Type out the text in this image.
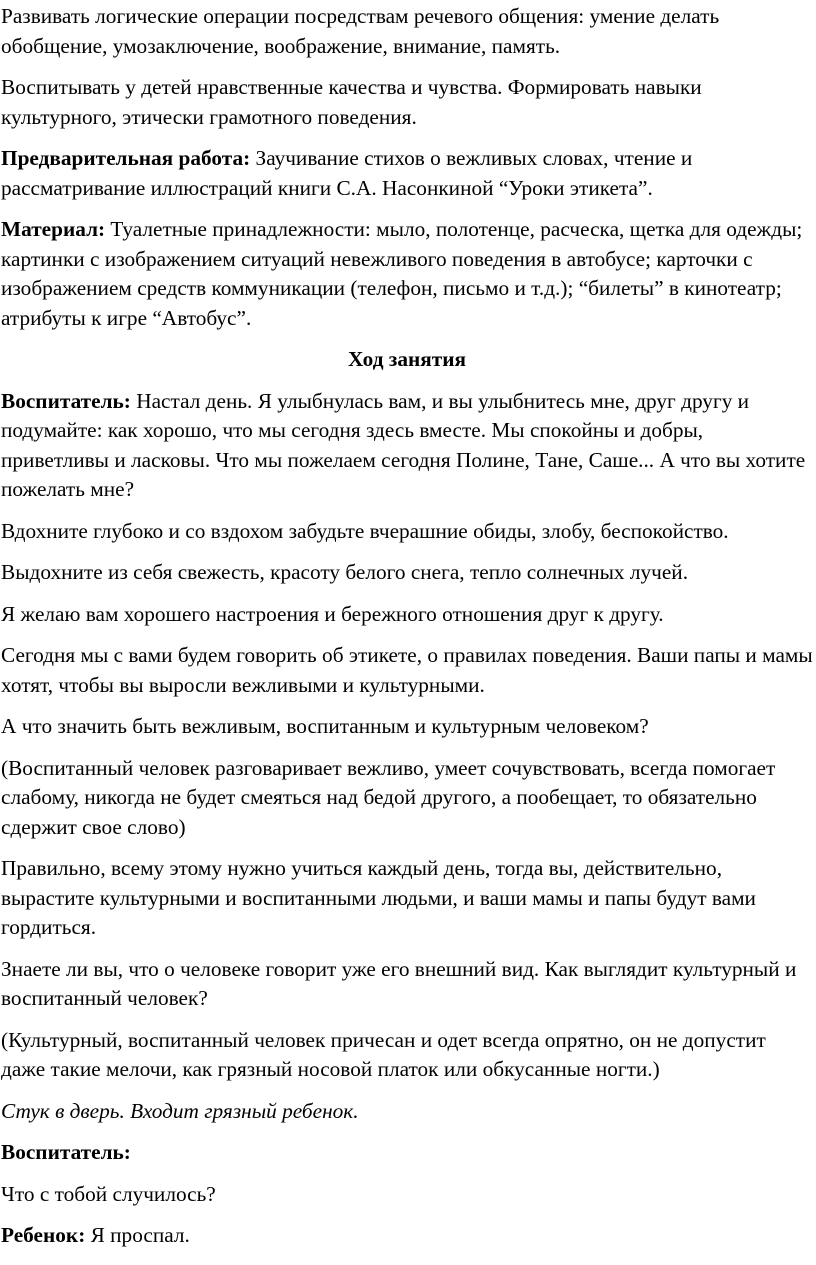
Развивать логические операции посредствам речевого общения: умение делать обобщение, умозаключение, воображение, внимание, память.

Воспитывать у детей нравственные качества и чувства. Формировать навыки культурного, этически грамотного поведения.

Предварительная работа: Заучивание стихов о вежливых словах, чтение и рассматривание иллюстраций книги С.А. Насонкиной “Уроки этикета”.

Материал: Туалетные принадлежности: мыло, полотенце, расческа, щетка для одежды; картинки с изображением ситуаций невежливого поведения в автобусе; карточки с изображением средств коммуникации (телефон, письмо и т.д.); “билеты” в кинотеатр; атрибуты к игре “Автобус”.

Ход занятия

Воспитатель: Настал день. Я улыбнулась вам, и вы улыбнитесь мне, друг другу и подумайте: как хорошо, что мы сегодня здесь вместе. Мы спокойны и добры, приветливы и ласковы. Что мы пожелаем сегодня Полине, Тане, Саше... А что вы хотите пожелать мне?

Вдохните глубоко и со вздохом забудьте вчерашние обиды, злобу, беспокойство.

Выдохните из себя свежесть, красоту белого снега, тепло солнечных лучей.

Я желаю вам хорошего настроения и бережного отношения друг к другу.

Сегодня мы с вами будем говорить об этикете, о правилах поведения. Ваши папы и мамы хотят, чтобы вы выросли вежливыми и культурными.

А что значить быть вежливым, воспитанным и культурным человеком?

(Воспитанный человек разговаривает вежливо, умеет сочувствовать, всегда помогает слабому, никогда не будет смеяться над бедой другого, а пообещает, то обязательно сдержит свое слово)

Правильно, всему этому нужно учиться каждый день, тогда вы, действительно, вырастите культурными и воспитанными людьми, и ваши мамы и папы будут вами гордиться.

Знаете ли вы, что о человеке говорит уже его внешний вид. Как выглядит культурный и воспитанный человек?

(Культурный, воспитанный человек причесан и одет всегда опрятно, он не допустит даже такие мелочи, как грязный носовой платок или обкусанные ногти.)

Стук в дверь. Входит грязный ребенок.

Воспитатель:

Что с тобой случилось?

Ребенок: Я проспал.
